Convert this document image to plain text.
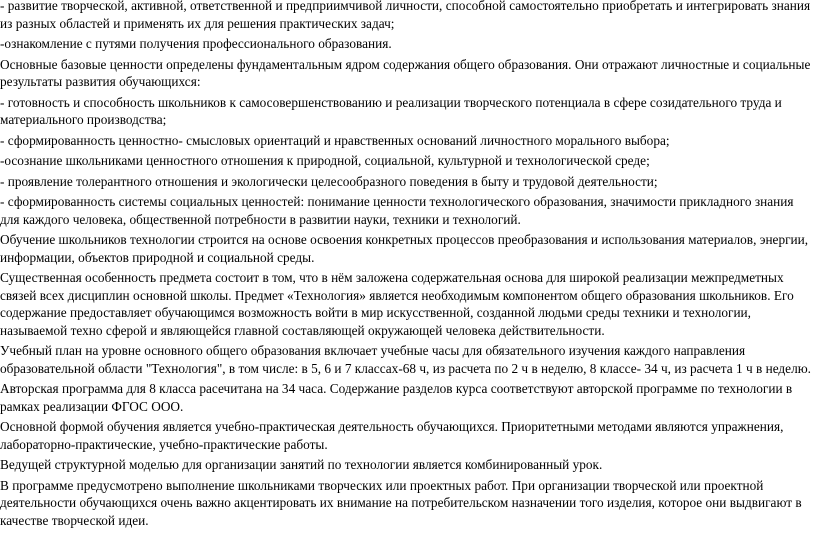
- развитие творческой, активной, ответственной и предприимчивой личности, способной самостоятельно приобретать и интегрировать знания из разных областей и применять их для решения практических задач;

-ознакомление с путями получения профессионального образования.

Основные базовые ценности определены фундаментальным ядром содержания общего образования. Они отражают личностные и социальные результаты развития обучающихся:

- готовность и способность школьников к самосовершенствованию и реализации творческого потенциала в сфере созидательного труда и материального производства;

- сформированность ценностно- смысловых ориентаций и нравственных оснований личностного морального выбора;

-осознание школьниками ценностного отношения к природной, социальной, культурной и технологической среде;

- проявление толерантного отношения и экологически целесообразного поведения в быту и трудовой деятельности;

- сформированность системы социальных ценностей: понимание ценности технологического образования, значимости прикладного знания для каждого человека, общественной потребности в развитии науки, техники и технологий.

Обучение школьников технологии строится на основе освоения конкретных процессов преобразования и использования материалов, энергии, информации, объектов природной и социальной среды.

Существенная особенность предмета состоит в том, что в нём заложена содержательная основа для широкой реализации межпредметных связей всех дисциплин основной школы. Предмет «Технология» является необходимым компонентом общего образования школьников. Его содержание предоставляет обучающимся возможность войти в мир искусственной, созданной людьми среды техники и технологии, называемой техно сферой и являющейся главной составляющей окружающей человека действительности.

Учебный план на уровне основного общего образования включает учебные часы для обязательного изучения каждого направления образовательной области "Технология", в том числе: в 5, 6 и 7 классах-68 ч, из расчета по 2 ч в неделю, 8 классе- 34 ч, из расчета 1 ч в неделю.

Авторская программа для 8 класса расечитана на 34 часа. Содержание разделов курса соответствуют авторской программе по технологии в рамках реализации ФГОС ООО.

Основной формой обучения является учебно-практическая деятельность обучающихся. Приоритетными методами являются упражнения, лабораторно-практические, учебно-практические работы.

Ведущей структурной моделью для организации занятий по технологии является комбинированный урок.

В программе предусмотрено выполнение школьниками творческих или проектных работ. При организации творческой или проектной деятельности обучающихся очень важно акцентировать их внимание на потребительском назначении того изделия, которое они выдвигают в качестве творческой идеи.
